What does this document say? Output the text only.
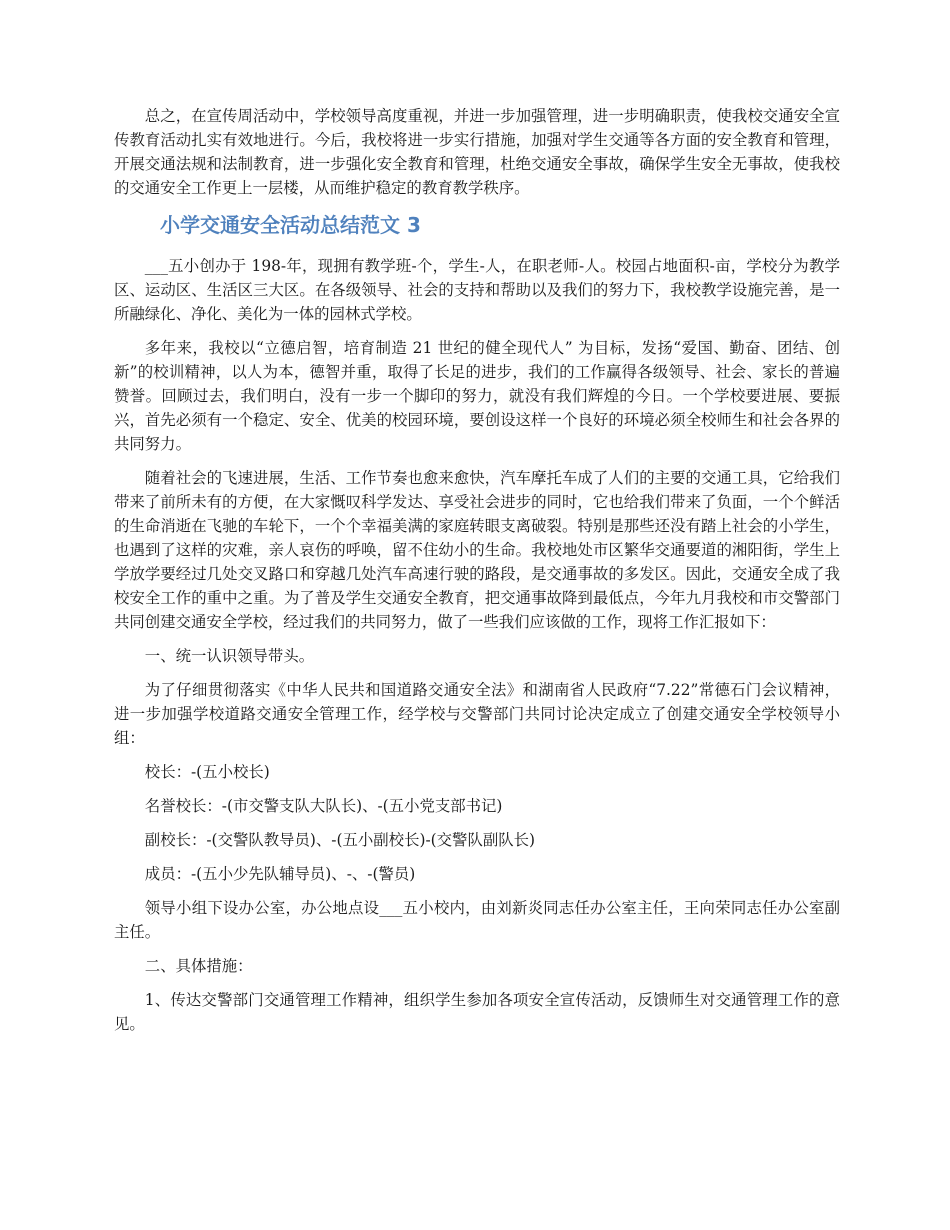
总之，在宣传周活动中，学校领导高度重视，并进一步加强管理，进一步明确职责，使我校交通安全宣传教育活动扎实有效地进行。今后，我校将进一步实行措施，加强对学生交通等各方面的安全教育和管理，开展交通法规和法制教育，进一步强化安全教育和管理，杜绝交通安全事故，确保学生安全无事故，使我校的交通安全工作更上一层楼，从而维护稳定的教育教学秩序。

小学交通安全活动总结范文 3

___五小创办于 198-年，现拥有教学班-个，学生-人，在职老师-人。校园占地面积-亩，学校分为教学区、运动区、生活区三大区。在各级领导、社会的支持和帮助以及我们的努力下，我校教学设施完善，是一所融绿化、净化、美化为一体的园林式学校。

多年来，我校以“立德启智，培育制造 21 世纪的健全现代人” 为目标，发扬“爱国、勤奋、团结、创新”的校训精神，以人为本，德智并重，取得了长足的进步，我们的工作赢得各级领导、社会、家长的普遍赞誉。回顾过去，我们明白，没有一步一个脚印的努力，就没有我们辉煌的今日。一个学校要进展、要振兴，首先必须有一个稳定、安全、优美的校园环境，要创设这样一个良好的环境必须全校师生和社会各界的共同努力。

随着社会的飞速进展，生活、工作节奏也愈来愈快，汽车摩托车成了人们的主要的交通工具，它给我们带来了前所未有的方便，在大家慨叹科学发达、享受社会进步的同时，它也给我们带来了负面，一个个鲜活的生命消逝在飞驰的车轮下，一个个幸福美满的家庭转眼支离破裂。特别是那些还没有踏上社会的小学生，也遇到了这样的灾难，亲人哀伤的呼唤，留不住幼小的生命。我校地处市区繁华交通要道的湘阳街，学生上学放学要经过几处交叉路口和穿越几处汽车高速行驶的路段，是交通事故的多发区。因此，交通安全成了我校安全工作的重中之重。为了普及学生交通安全教育，把交通事故降到最低点，今年九月我校和市交警部门共同创建交通安全学校，经过我们的共同努力，做了一些我们应该做的工作，现将工作汇报如下：

一、统一认识领导带头。

为了仔细贯彻落实《中华人民共和国道路交通安全法》和湖南省人民政府“7.22”常德石门会议精神，进一步加强学校道路交通安全管理工作，经学校与交警部门共同讨论决定成立了创建交通安全学校领导小组：

校长：-(五小校长)

名誉校长：-(市交警支队大队长)、-(五小党支部书记)

副校长：-(交警队教导员)、-(五小副校长)-(交警队副队长)

成员：-(五小少先队辅导员)、-、-(警员)

领导小组下设办公室，办公地点设___五小校内，由刘新炎同志任办公室主任，王向荣同志任办公室副主任。

二、具体措施：

1、传达交警部门交通管理工作精神，组织学生参加各项安全宣传活动，反馈师生对交通管理工作的意见。
